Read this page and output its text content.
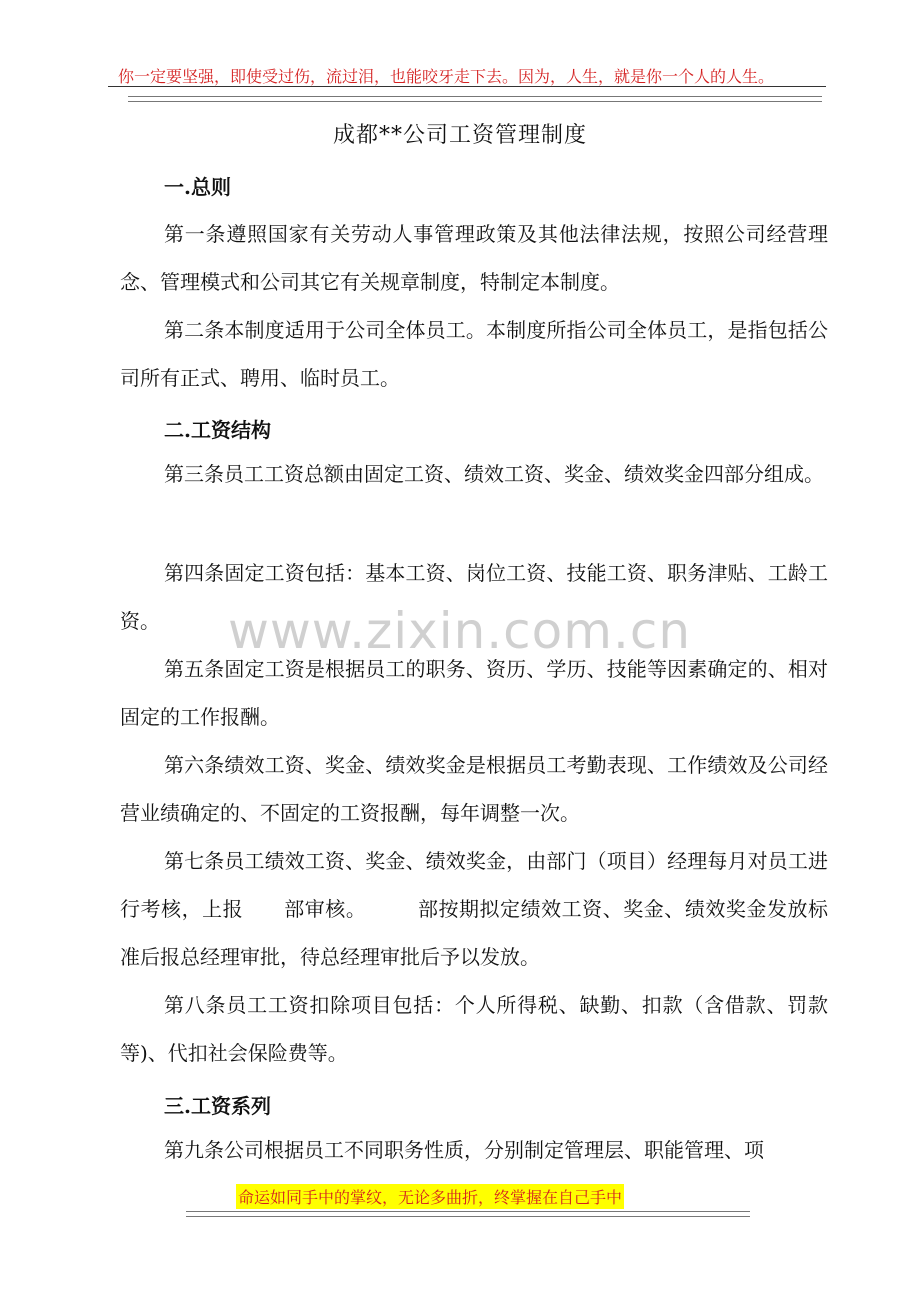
你一定要坚强，即使受过伤，流过泪，也能咬牙走下去。因为，人生，就是你一个人的人生。
成都**公司工资管理制度
一.总则
第一条遵照国家有关劳动人事管理政策及其他法律法规，按照公司经营理念、管理模式和公司其它有关规章制度，特制定本制度。
第二条本制度适用于公司全体员工。本制度所指公司全体员工，是指包括公司所有正式、聘用、临时员工。
二.工资结构
第三条员工工资总额由固定工资、绩效工资、奖金、绩效奖金四部分组成。
第四条固定工资包括：基本工资、岗位工资、技能工资、职务津贴、工龄工资。
第五条固定工资是根据员工的职务、资历、学历、技能等因素确定的、相对固定的工作报酬。
第六条绩效工资、奖金、绩效奖金是根据员工考勤表现、工作绩效及公司经营业绩确定的、不固定的工资报酬，每年调整一次。
第七条员工绩效工资、奖金、绩效奖金，由部门（项目）经理每月对员工进行考核，上报　　部审核。　　　部按期拟定绩效工资、奖金、绩效奖金发放标准后报总经理审批，待总经理审批后予以发放。
第八条员工工资扣除项目包括：个人所得税、缺勤、扣款（含借款、罚款等)、代扣社会保险费等。
三.工资系列
第九条公司根据员工不同职务性质，分别制定管理层、职能管理、项
www.zixin.com.cn
命运如同手中的掌纹，无论多曲折，终掌握在自己手中
